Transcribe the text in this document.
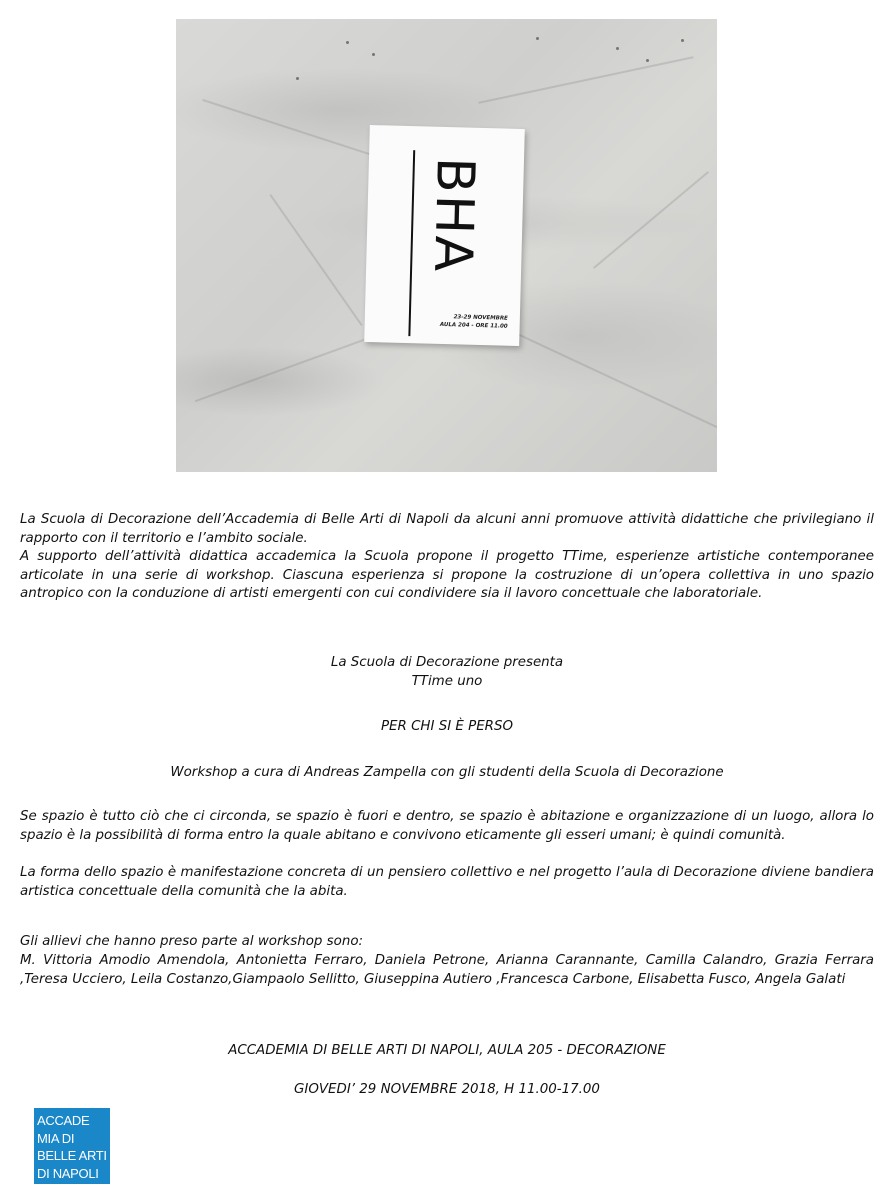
BHA
23-29 NOVEMBRE
AULA 204 - ORE 11.00
La Scuola di Decorazione dell’Accademia di Belle Arti di Napoli da alcuni anni promuove attività didattiche che privilegiano il rapporto con il territorio e l’ambito sociale.
A supporto dell’attività didattica accademica la Scuola propone il progetto TTime, esperienze artistiche contemporanee articolate in una serie di workshop. Ciascuna esperienza si propone la costruzione di un’opera collettiva in uno spazio antropico con la conduzione di artisti emergenti con cui condividere sia il lavoro concettuale che laboratoriale.
La Scuola di Decorazione presenta
TTime uno
PER CHI SI È PERSO
Workshop a cura di Andreas Zampella con gli studenti della Scuola di Decorazione
Se spazio è tutto ciò che ci circonda, se spazio è fuori e dentro, se spazio è abitazione e organizzazione di un luogo, allora lo spazio è la possibilità di forma entro la quale abitano e convivono eticamente gli esseri umani; è quindi comunità.
La forma dello spazio è manifestazione concreta di un pensiero collettivo e nel progetto l’aula di Decorazione diviene bandiera artistica concettuale della comunità che la abita.
Gli allievi che hanno preso parte al workshop sono:
M. Vittoria Amodio Amendola, Antonietta Ferraro, Daniela Petrone, Arianna Carannante, Camilla Calandro, Grazia Ferrara ,Teresa Ucciero, Leila Costanzo,Giampaolo Sellitto, Giuseppina Autiero ,Francesca Carbone, Elisabetta Fusco, Angela Galati
ACCADEMIA DI BELLE ARTI DI NAPOLI, AULA 205 - DECORAZIONE
GIOVEDI’ 29 NOVEMBRE 2018, H 11.00-17.00
ACCADE
MIA DI
BELLE ARTI
DI NAPOLI
